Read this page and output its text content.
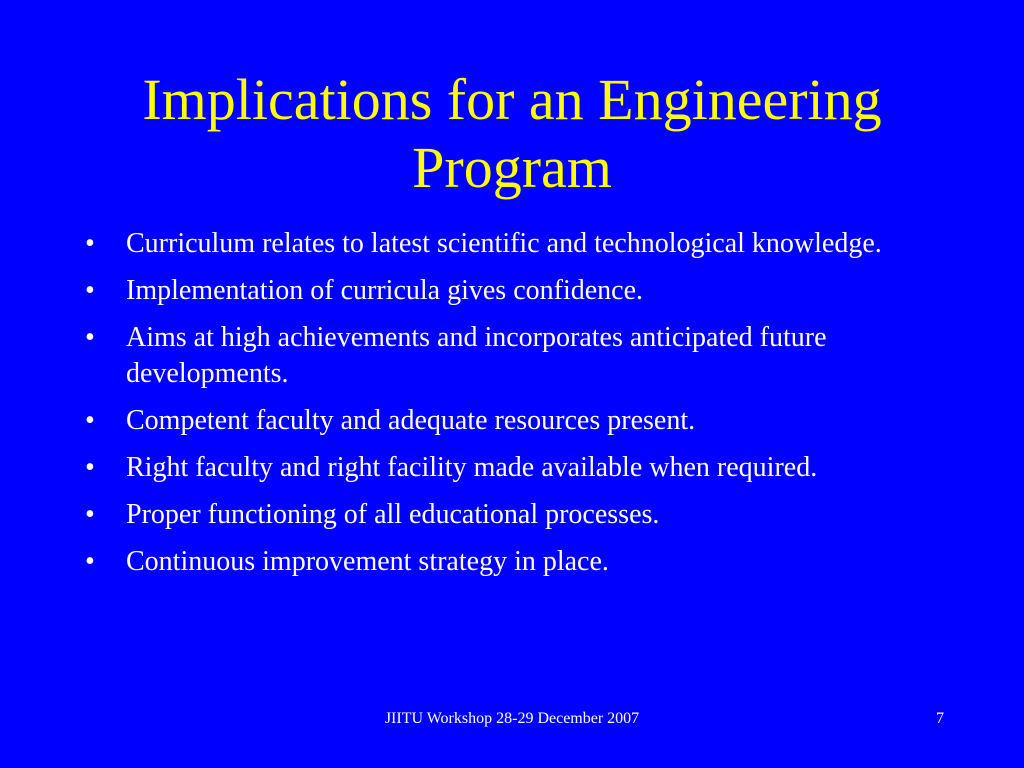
Implications for an Engineering Program
• Curriculum relates to latest scientific and technological knowledge.
• Implementation of curricula gives confidence.
• Aims at high achievements and incorporates anticipated future developments.
• Competent faculty and adequate resources present.
• Right faculty and right facility made available when required.
• Proper functioning of all educational processes.
• Continuous improvement strategy in place.
JIITU Workshop 28-29 December 2007	7
